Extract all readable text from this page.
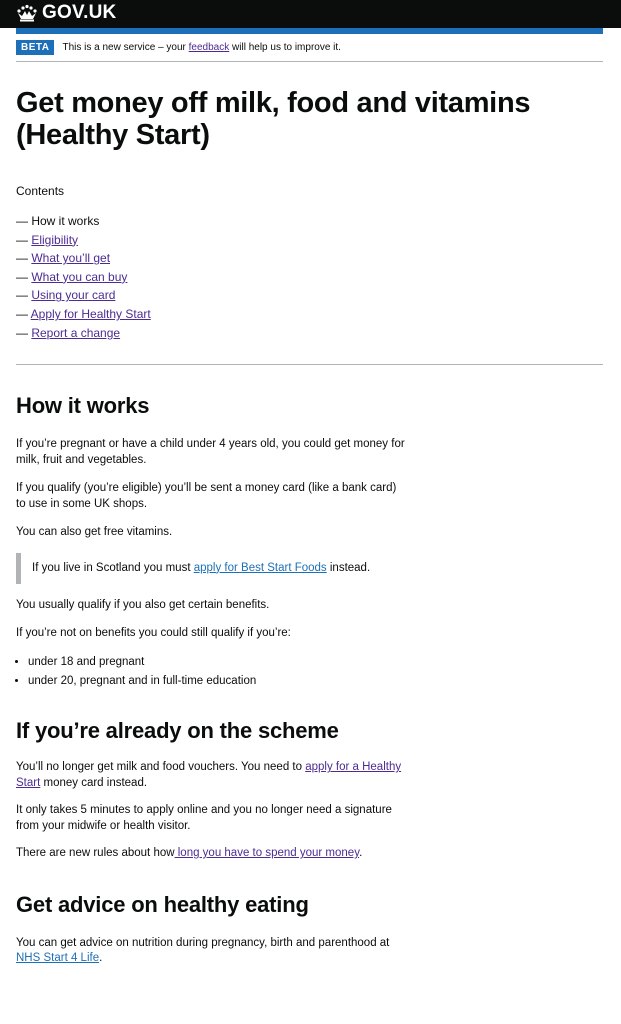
GOV.UK
BETA	This is a new service – your feedback will help us to improve it.
Get money off milk, food and vitamins (Healthy Start)
Contents
— How it works
— Eligibility
— What you’ll get
— What you can buy
— Using your card
— Apply for Healthy Start
— Report a change
How it works

If you’re pregnant or have a child under 4 years old, you could get money for milk, fruit and vegetables.

If you qualify (you’re eligible) you’ll be sent a money card (like a bank card) to use in some UK shops.

You can also get free vitamins.

If you live in Scotland you must apply for Best Start Foods instead.

You usually qualify if you also get certain benefits.

If you’re not on benefits you could still qualify if you’re:

• under 18 and pregnant
• under 20, pregnant and in full-time education
If you’re already on the scheme

You’ll no longer get milk and food vouchers. You need to apply for a Healthy Start money card instead.

It only takes 5 minutes to apply online and you no longer need a signature from your midwife or health visitor.

There are new rules about how long you have to spend your money.

Get advice on healthy eating

You can get advice on nutrition during pregnancy, birth and parenthood at NHS Start 4 Life.
